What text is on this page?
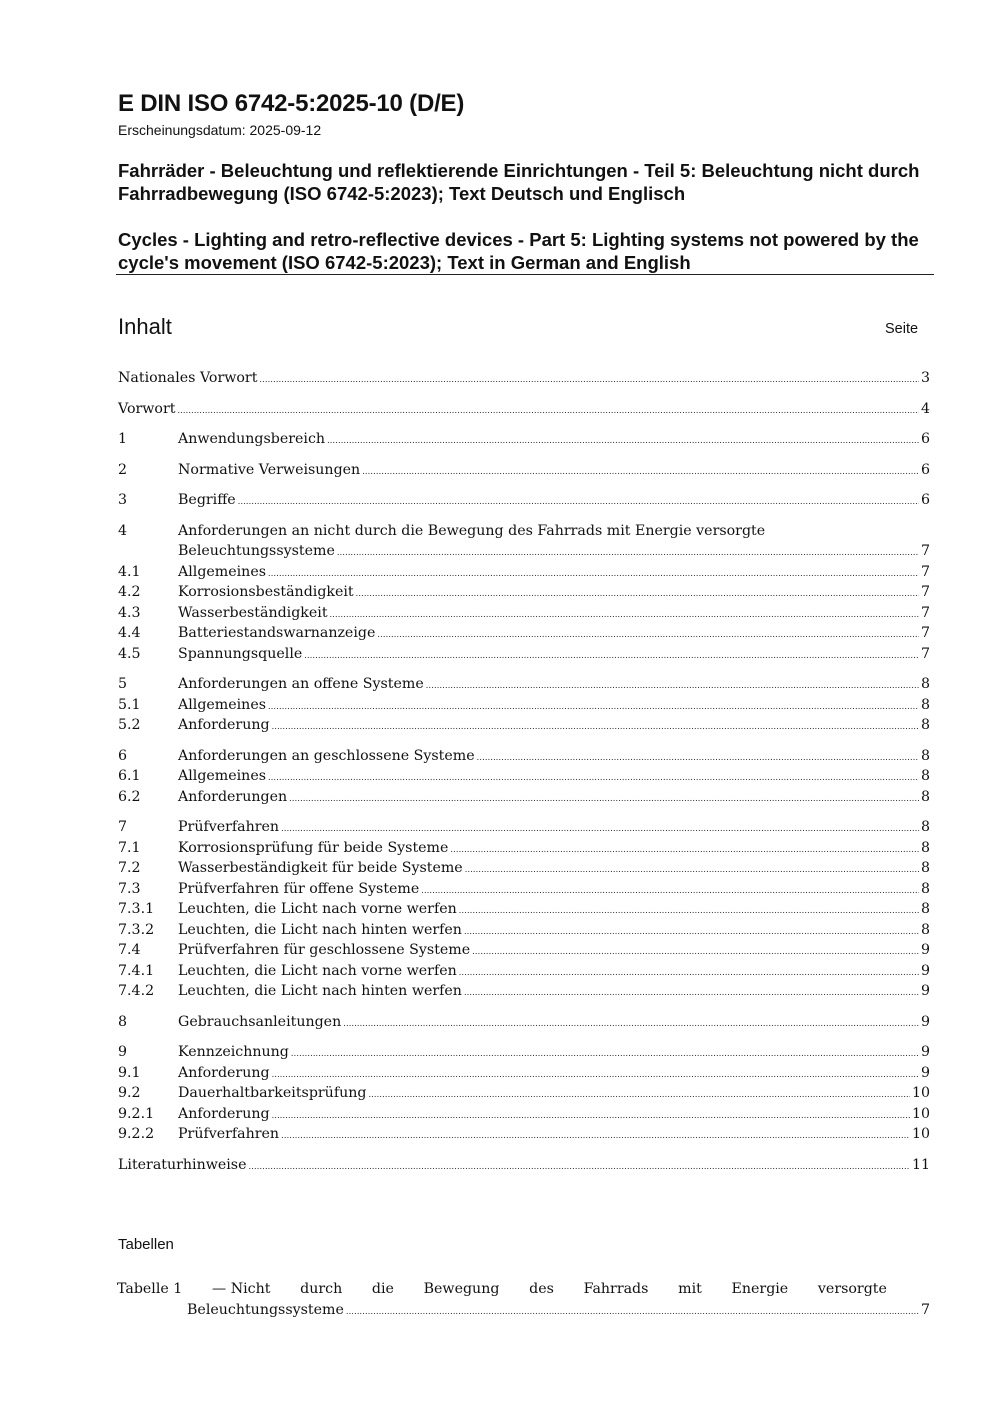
E DIN ISO 6742-5:2025-10 (D/E)
Erscheinungsdatum: 2025-09-12
Fahrräder - Beleuchtung und reflektierende Einrichtungen - Teil 5: Beleuchtung nicht durch Fahrradbewegung (ISO 6742-5:2023); Text Deutsch und Englisch
Cycles - Lighting and retro-reflective devices - Part 5: Lighting systems not powered by the cycle's movement (ISO 6742-5:2023); Text in German and English
Inhalt	Seite
Nationales Vorwort .....	3
Vorwort .....	4
1	Anwendungsbereich .....	6
2	Normative Verweisungen .....	6
3	Begriffe .....	6
4	Anforderungen an nicht durch die Bewegung des Fahrrads mit Energie versorgte
Beleuchtungssysteme .....	7
4.1	Allgemeines .....	7
4.2	Korrosionsbeständigkeit .....	7
4.3	Wasserbeständigkeit .....	7
4.4	Batteriestandswarnanzeige .....	7
4.5	Spannungsquelle .....	7
5	Anforderungen an offene Systeme .....	8
5.1	Allgemeines .....	8
5.2	Anforderung .....	8
6	Anforderungen an geschlossene Systeme .....	8
6.1	Allgemeines .....	8
6.2	Anforderungen .....	8
7	Prüfverfahren .....	8
7.1	Korrosionsprüfung für beide Systeme .....	8
7.2	Wasserbeständigkeit für beide Systeme .....	8
7.3	Prüfverfahren für offene Systeme .....	8
7.3.1	Leuchten, die Licht nach vorne werfen .....	8
7.3.2	Leuchten, die Licht nach hinten werfen .....	8
7.4	Prüfverfahren für geschlossene Systeme .....	9
7.4.1	Leuchten, die Licht nach vorne werfen .....	9
7.4.2	Leuchten, die Licht nach hinten werfen .....	9
8	Gebrauchsanleitungen .....	9
9	Kennzeichnung .....	9
9.1	Anforderung .....	9
9.2	Dauerhaltbarkeitsprüfung .....	10
9.2.1	Anforderung .....	10
9.2.2	Prüfverfahren .....	10
Literaturhinweise .....	11
Tabellen
Tabelle 1 — Nicht durch die Bewegung des Fahrrads mit Energie versorgte
Beleuchtungssysteme .....	7
